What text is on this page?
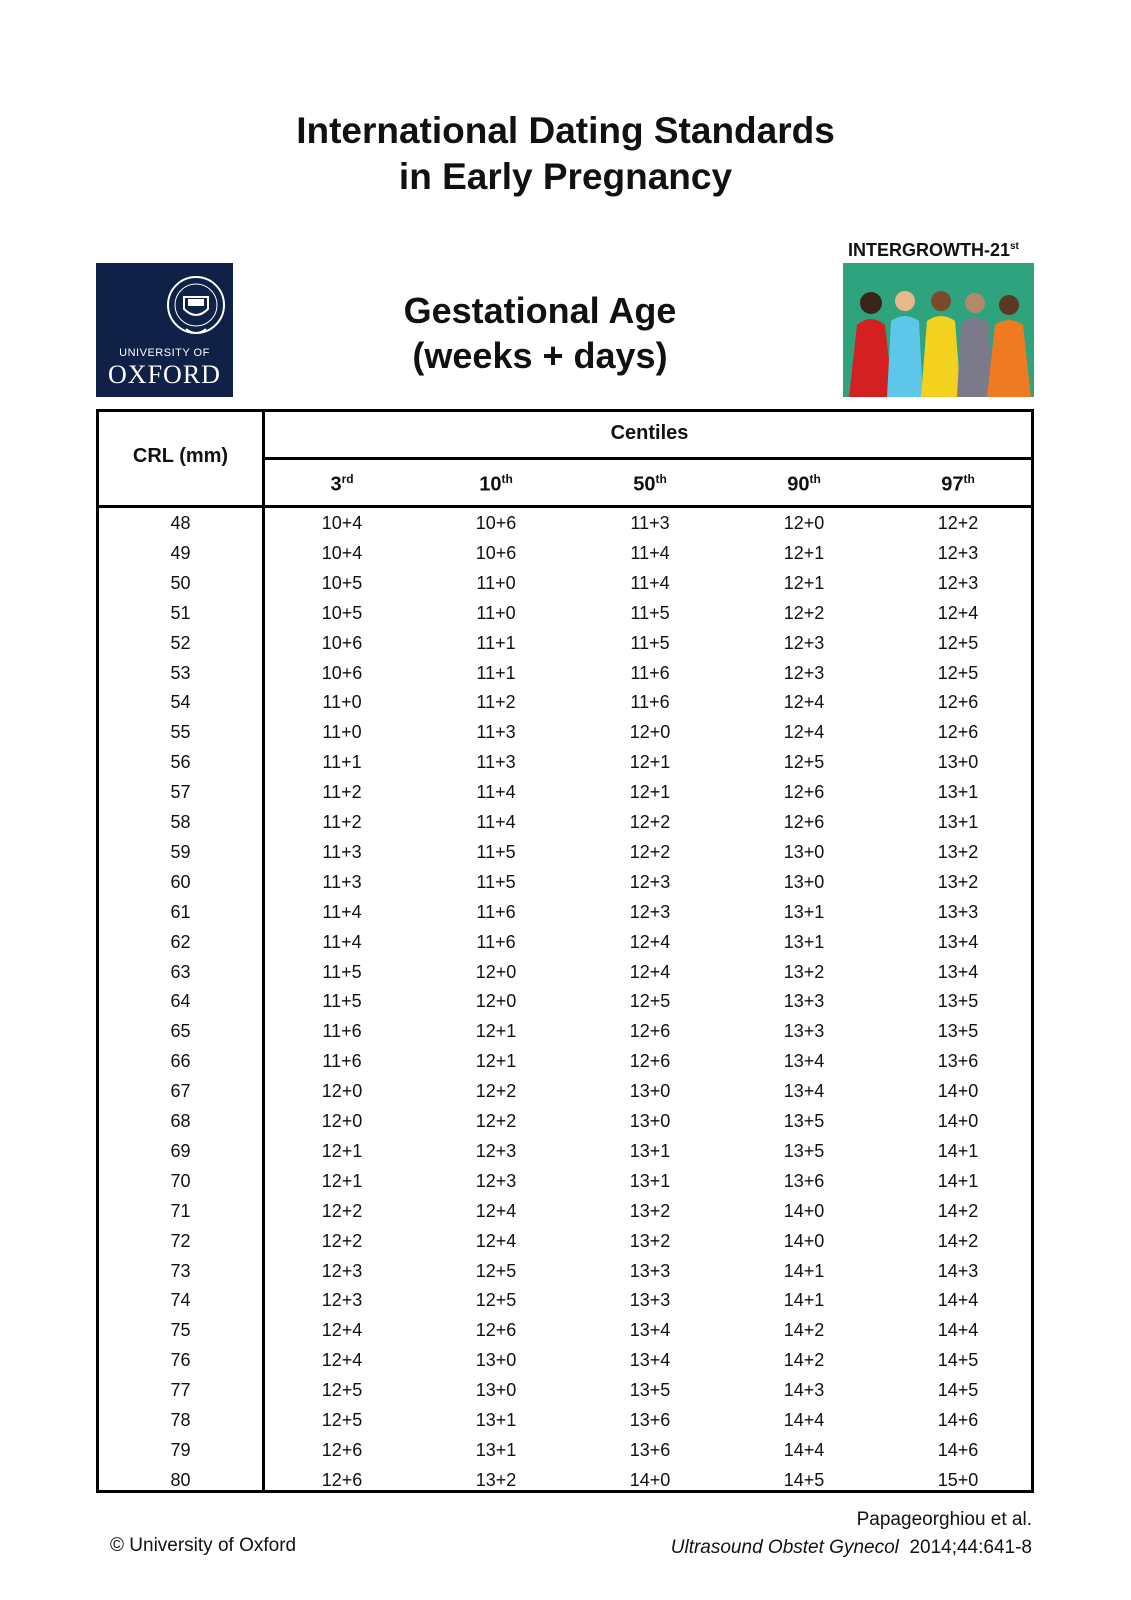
International Dating Standards
in Early Pregnancy
UNIVERSITY OF
OXFORD
INTERGROWTH-21st
Gestational Age
(weeks + days)
CRL (mm)
Centiles
3rd	10th	50th	90th	97th
48	10+4	10+6	11+3	12+0	12+2
49	10+4	10+6	11+4	12+1	12+3
50	10+5	11+0	11+4	12+1	12+3
51	10+5	11+0	11+5	12+2	12+4
52	10+6	11+1	11+5	12+3	12+5
53	10+6	11+1	11+6	12+3	12+5
54	11+0	11+2	11+6	12+4	12+6
55	11+0	11+3	12+0	12+4	12+6
56	11+1	11+3	12+1	12+5	13+0
57	11+2	11+4	12+1	12+6	13+1
58	11+2	11+4	12+2	12+6	13+1
59	11+3	11+5	12+2	13+0	13+2
60	11+3	11+5	12+3	13+0	13+2
61	11+4	11+6	12+3	13+1	13+3
62	11+4	11+6	12+4	13+1	13+4
63	11+5	12+0	12+4	13+2	13+4
64	11+5	12+0	12+5	13+3	13+5
65	11+6	12+1	12+6	13+3	13+5
66	11+6	12+1	12+6	13+4	13+6
67	12+0	12+2	13+0	13+4	14+0
68	12+0	12+2	13+0	13+5	14+0
69	12+1	12+3	13+1	13+5	14+1
70	12+1	12+3	13+1	13+6	14+1
71	12+2	12+4	13+2	14+0	14+2
72	12+2	12+4	13+2	14+0	14+2
73	12+3	12+5	13+3	14+1	14+3
74	12+3	12+5	13+3	14+1	14+4
75	12+4	12+6	13+4	14+2	14+4
76	12+4	13+0	13+4	14+2	14+5
77	12+5	13+0	13+5	14+3	14+5
78	12+5	13+1	13+6	14+4	14+6
79	12+6	13+1	13+6	14+4	14+6
80	12+6	13+2	14+0	14+5	15+0
© University of Oxford
Papageorghiou et al.
Ultrasound Obstet Gynecol 2014;44:641-8
